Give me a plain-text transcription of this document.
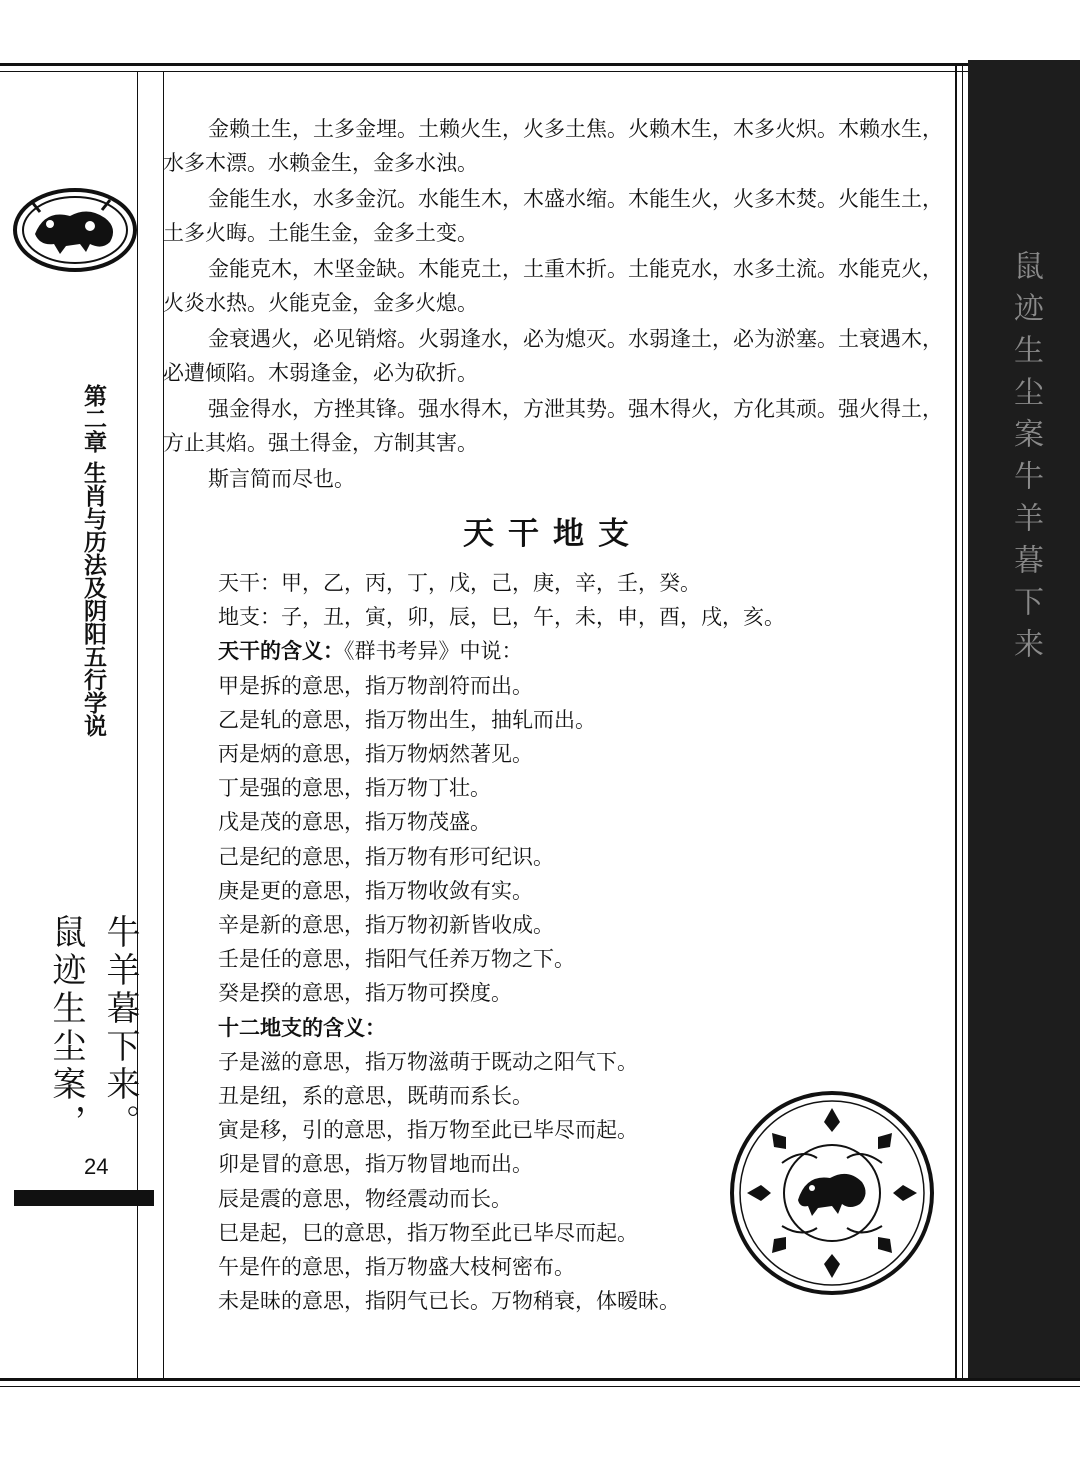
鼠迹生尘案牛羊暮下来
第二章 生肖与历法及阴阳五行学说
牛羊暮下来。
鼠迹生尘案，
24

金赖土生，土多金埋。土赖火生，火多土焦。火赖木生，木多火炽。木赖水生，水多木漂。水赖金生，金多水浊。

金能生水，水多金沉。水能生木，木盛水缩。木能生火，火多木焚。火能生土，土多火晦。土能生金，金多土变。

金能克木，木坚金缺。木能克土，土重木折。土能克水，水多土流。水能克火，火炎水热。火能克金，金多火熄。

金衰遇火，必见销熔。火弱逢水，必为熄灭。水弱逢土，必为淤塞。土衰遇木，必遭倾陷。木弱逢金，必为砍折。

强金得水，方挫其锋。强水得木，方泄其势。强木得火，方化其顽。强火得土，方止其焰。强土得金，方制其害。

斯言简而尽也。

天干地支
天干：甲，乙，丙，丁，戊，己，庚，辛，壬，癸。
地支：子，丑，寅，卯，辰，巳，午，未，申，酉，戌，亥。
天干的含义：《群书考异》中说：
甲是拆的意思，指万物剖符而出。
乙是轧的意思，指万物出生，抽轧而出。
丙是炳的意思，指万物炳然著见。
丁是强的意思，指万物丁壮。
戊是茂的意思，指万物茂盛。
己是纪的意思，指万物有形可纪识。
庚是更的意思，指万物收敛有实。
辛是新的意思，指万物初新皆收成。
壬是任的意思，指阳气任养万物之下。
癸是揆的意思，指万物可揆度。
十二地支的含义：
子是滋的意思，指万物滋萌于既动之阳气下。
丑是纽，系的意思，既萌而系长。
寅是移，引的意思，指万物至此已毕尽而起。
卯是冒的意思，指万物冒地而出。
辰是震的意思，物经震动而长。
巳是起，巳的意思，指万物至此已毕尽而起。
午是仵的意思，指万物盛大枝柯密布。
未是昧的意思，指阴气已长。万物稍衰，体暧昧。
